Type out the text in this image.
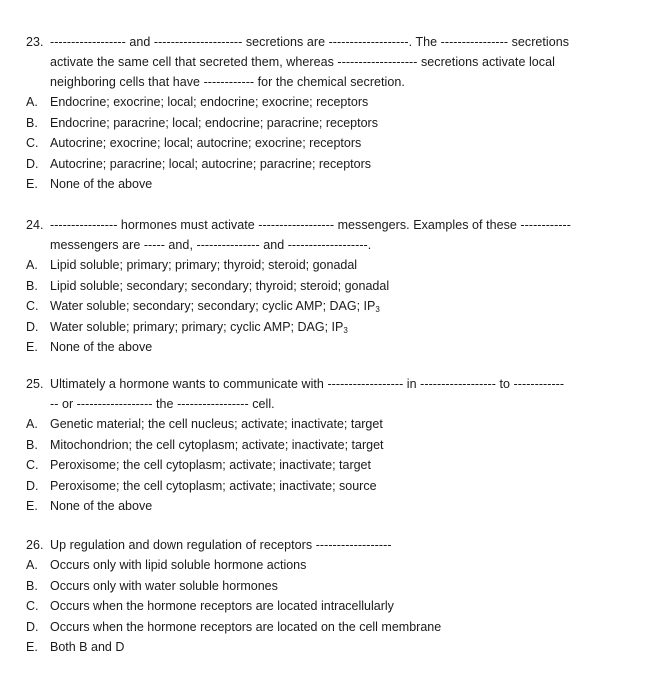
23. ------------------ and --------------------- secretions are -------------------. The ---------------- secretions
activate the same cell that secreted them, whereas ------------------- secretions activate local
neighboring cells that have ------------ for the chemical secretion.
A. Endocrine; exocrine; local; endocrine; exocrine; receptors
B. Endocrine; paracrine; local; endocrine; paracrine; receptors
C. Autocrine; exocrine; local; autocrine; exocrine; receptors
D. Autocrine; paracrine; local; autocrine; paracrine; receptors
E. None of the above
24. ---------------- hormones must activate ------------------ messengers. Examples of these ------------
messengers are ----- and, --------------- and -------------------.
A. Lipid soluble; primary; primary; thyroid; steroid; gonadal
B. Lipid soluble; secondary; secondary; thyroid; steroid; gonadal
C. Water soluble; secondary; secondary; cyclic AMP; DAG; $IP_3$
D. Water soluble; primary; primary; cyclic AMP; DAG; $IP_3$
E. None of the above
25. Ultimately a hormone wants to communicate with ------------------ in ------------------ to ------------
-- or ------------------ the ----------------- cell.
A. Genetic material; the cell nucleus; activate; inactivate; target
B. Mitochondrion; the cell cytoplasm; activate; inactivate; target
C. Peroxisome; the cell cytoplasm; activate; inactivate; target
D. Peroxisome; the cell cytoplasm; activate; inactivate; source
E. None of the above
26. Up regulation and down regulation of receptors ------------------
A. Occurs only with lipid soluble hormone actions
B. Occurs only with water soluble hormones
C. Occurs when the hormone receptors are located intracellularly
D. Occurs when the hormone receptors are located on the cell membrane
E. Both B and D
